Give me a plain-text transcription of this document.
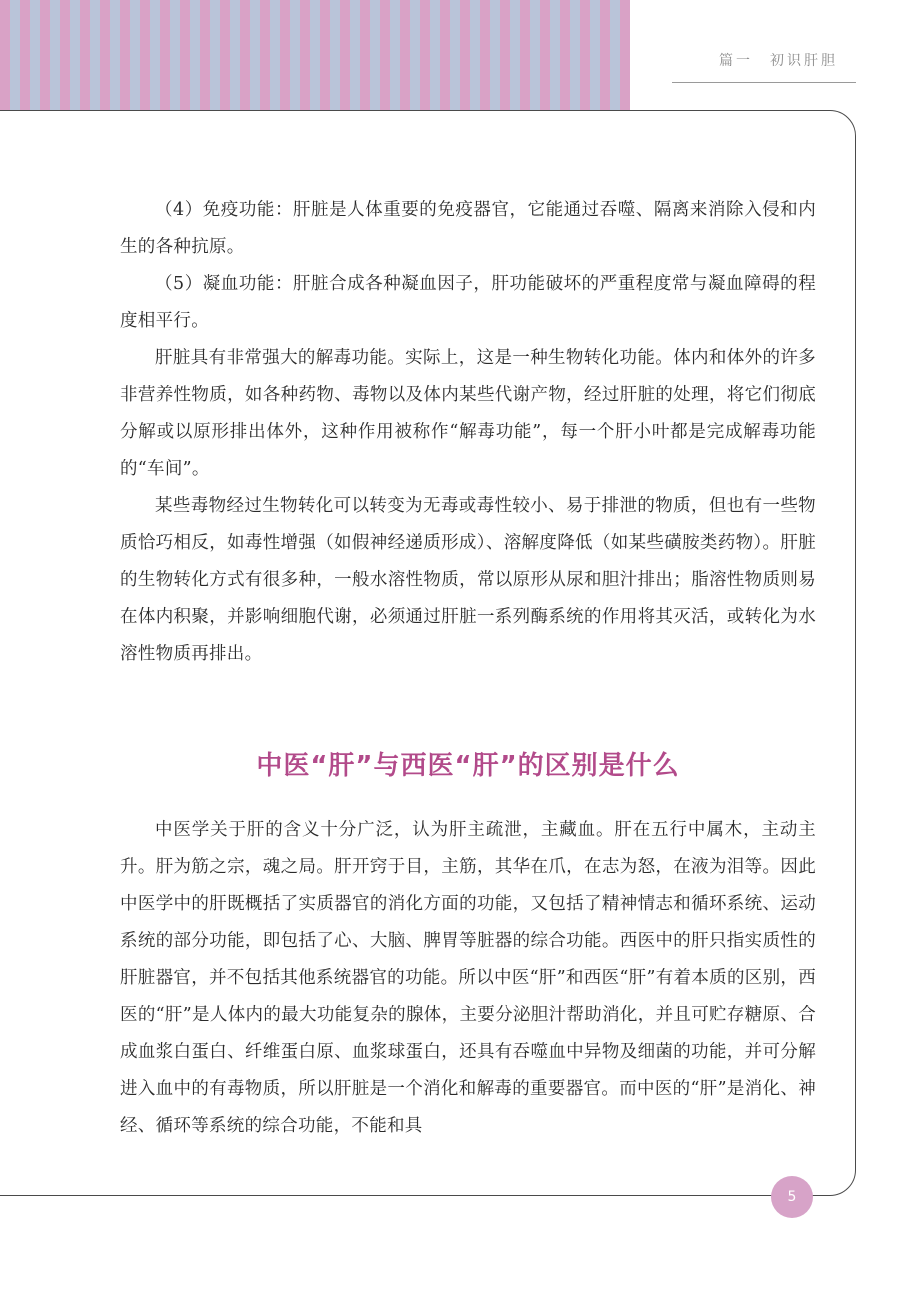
篇一　初识肝胆

（4）免疫功能：肝脏是人体重要的免疫器官，它能通过吞噬、隔离来消除入侵和内生的各种抗原。

（5）凝血功能：肝脏合成各种凝血因子，肝功能破坏的严重程度常与凝血障碍的程度相平行。

肝脏具有非常强大的解毒功能。实际上，这是一种生物转化功能。体内和体外的许多非营养性物质，如各种药物、毒物以及体内某些代谢产物，经过肝脏的处理，将它们彻底分解或以原形排出体外，这种作用被称作“解毒功能”，每一个肝小叶都是完成解毒功能的“车间”。

某些毒物经过生物转化可以转变为无毒或毒性较小、易于排泄的物质，但也有一些物质恰巧相反，如毒性增强（如假神经递质形成）、溶解度降低（如某些磺胺类药物）。肝脏的生物转化方式有很多种，一般水溶性物质，常以原形从尿和胆汁排出；脂溶性物质则易在体内积聚，并影响细胞代谢，必须通过肝脏一系列酶系统的作用将其灭活，或转化为水溶性物质再排出。

中医“肝”与西医“肝”的区别是什么

中医学关于肝的含义十分广泛，认为肝主疏泄，主藏血。肝在五行中属木，主动主升。肝为筋之宗，魂之局。肝开窍于目，主筋，其华在爪，在志为怒，在液为泪等。因此中医学中的肝既概括了实质器官的消化方面的功能，又包括了精神情志和循环系统、运动系统的部分功能，即包括了心、大脑、脾胃等脏器的综合功能。西医中的肝只指实质性的肝脏器官，并不包括其他系统器官的功能。所以中医“肝”和西医“肝”有着本质的区别，西医的“肝”是人体内的最大功能复杂的腺体，主要分泌胆汁帮助消化，并且可贮存糖原、合成血浆白蛋白、纤维蛋白原、血浆球蛋白，还具有吞噬血中异物及细菌的功能，并可分解进入血中的有毒物质，所以肝脏是一个消化和解毒的重要器官。而中医的“肝”是消化、神经、循环等系统的综合功能，不能和具

5
